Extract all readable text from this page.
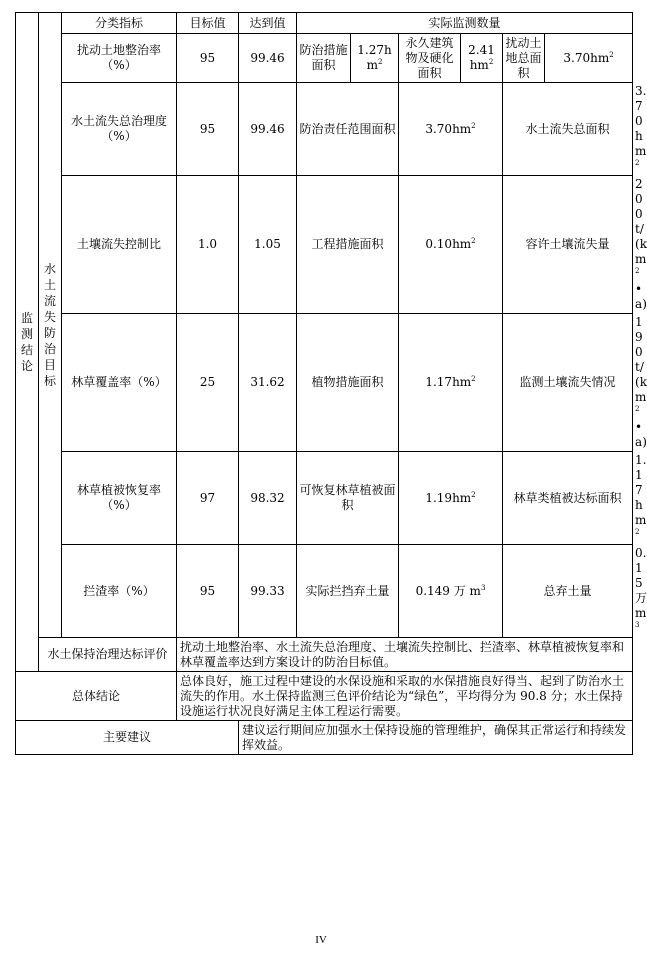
监测结论	水土流失防治目标	分类指标	目标值	达到值	实际监测数量						
		扰动土地整治率（%）	95	99.46	防治措施面积	$1.27hm^2$	永久建筑物及硬化面积	2.41 $hm^2$	扰动土地总面积	$3.70hm^2$
		水土流失总治理度（%）	95	99.46	防治责任范围面积		$3.70hm^2$		水土流失总面积		$3.70hm^2$
		土壤流失控制比	1.0	1.05	工程措施面积		$0.10hm^2$		容许土壤流失量		200
$t/(km^2•a)$
		林草覆盖率（%）	25	31.62	植物措施面积		$1.17hm^2$		监测土壤流失情况		190
$t/(km^2•a)$
		林草植被恢复率（%）	97	98.32	可恢复林草植被面积		$1.19hm^2$		林草类植被达标面积		$1.17hm^2$
		拦渣率（%）	95	99.33	实际拦挡弃土量		0.149 万 $m^3$		总弃土量		0.15 万 $m^3$
	水土保持治理达标评价		扰动土地整治率、水土流失总治理度、土壤流失控制比、拦渣率、林草植被恢复率和林草覆盖率达到方案设计的防治目标值。								
总体结论			总体良好，施工过程中建设的水保设施和采取的水保措施良好得当、起到了防治水土流失的作用。水土保持监测三色评价结论为“绿色”，平均得分为 90.8 分；水土保持设施运行状况良好满足主体工程运行需要。								
主要建议				建议运行期间应加强水土保持设施的管理维护，确保其正常运行和持续发挥效益。							
IV
